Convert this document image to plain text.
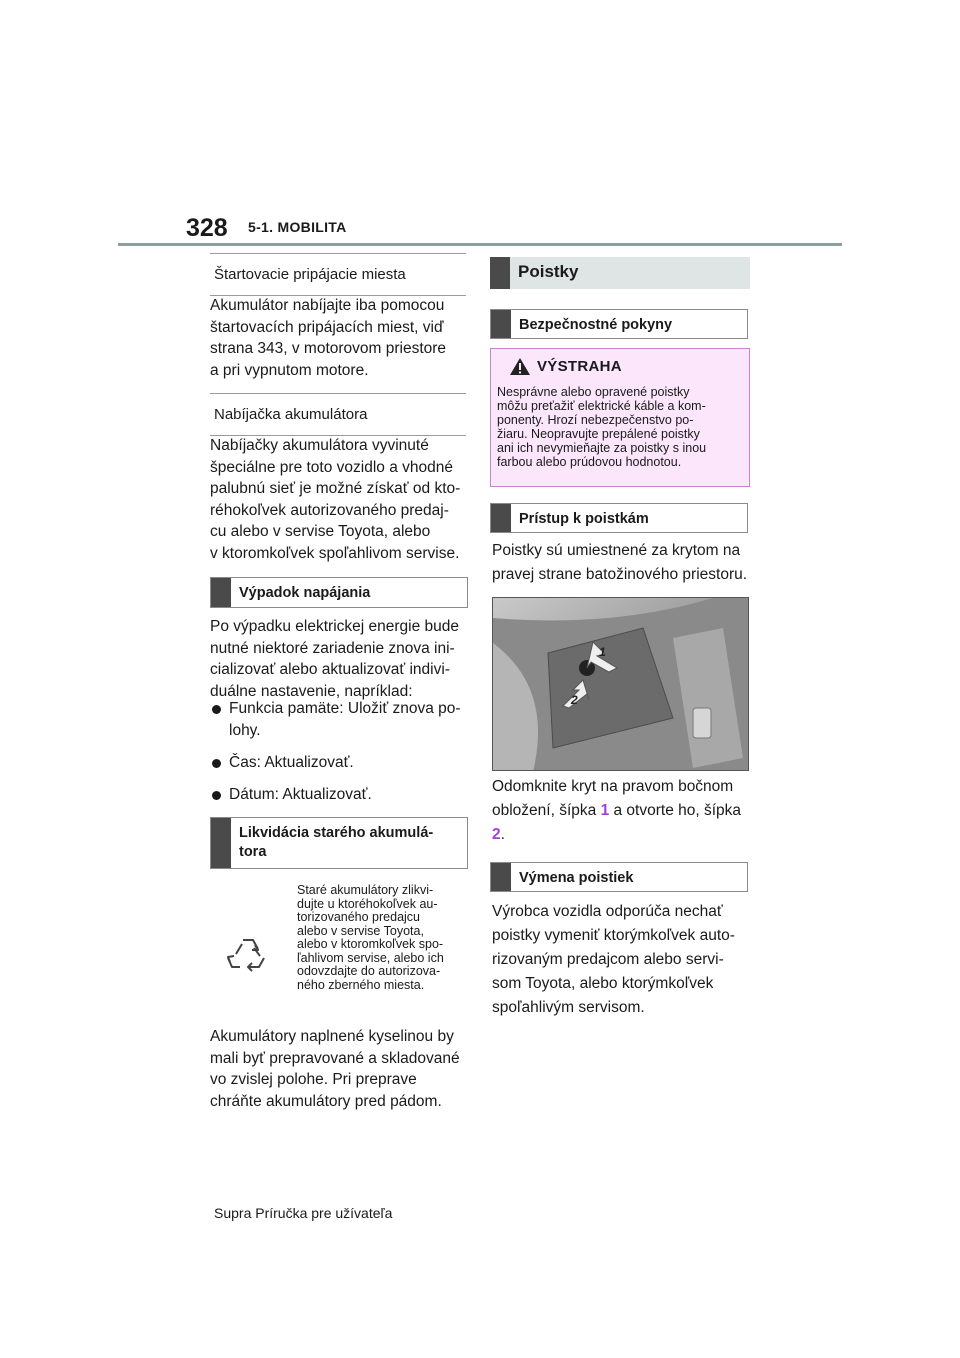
328 5-1. MOBILITA
Štartovacie pripájacie miesta

Akumulátor nabíjajte iba pomocou

štartovacích pripájacích miest, viď

strana 343, v motorovom priestore

a pri vypnutom motore.

Nabíjačka akumulátora

Nabíjačky akumulátora vyvinuté

špeciálne pre toto vozidlo a vhodné

palubnú sieť je možné získať od kto-

réhokoľvek autorizovaného predaj-

cu alebo v servise Toyota, alebo

v ktoromkoľvek spoľahlivom servise.

Výpadok napájania

Po výpadku elektrickej energie bude

nutné niektoré zariadenie znova ini-

cializovať alebo aktualizovať indivi-

duálne nastavenie, napríklad:

Funkcia pamäte: Uložiť znova po-
lohy.
Čas: Aktualizovať.
Dátum: Aktualizovať.
Likvidácia starého akumulá-
tora
Staré akumulátory zlikvi-
dujte u ktoréhokoľvek au-
torizovaného predajcu
alebo v servise Toyota,
alebo v ktoromkoľvek spo-
ľahlivom servise, alebo ich
odovzdajte do autorizova-
ného zberného miesta.

Akumulátory naplnené kyselinou by

mali byť prepravované a skladované

vo zvislej polohe. Pri preprave

chráňte akumulátory pred pádom.

Poistky
Bezpečnostné pokyny
VÝSTRAHA
Nesprávne alebo opravené poistky
môžu preťažiť elektrické káble a kom-
ponenty. Hrozí nebezpečenstvo po-
žiaru. Neopravujte prepálené poistky
ani ich nevymieňajte za poistky s inou
farbou alebo prúdovou hodnotou.
Prístup k poistkám

Poistky sú umiestnené za krytom na

pravej strane batožinového priestoru.

1
2
Odomknite kryt na pravom bočnom
obložení, šípka 1 a otvorte ho, šípka
2.
Výmena poistiek

Výrobca vozidla odporúča nechať

poistky vymeniť ktorýmkoľvek auto-

rizovaným predajcom alebo servi-

som Toyota, alebo ktorýmkoľvek

spoľahlivým servisom.

Supra Príručka pre užívateľa
